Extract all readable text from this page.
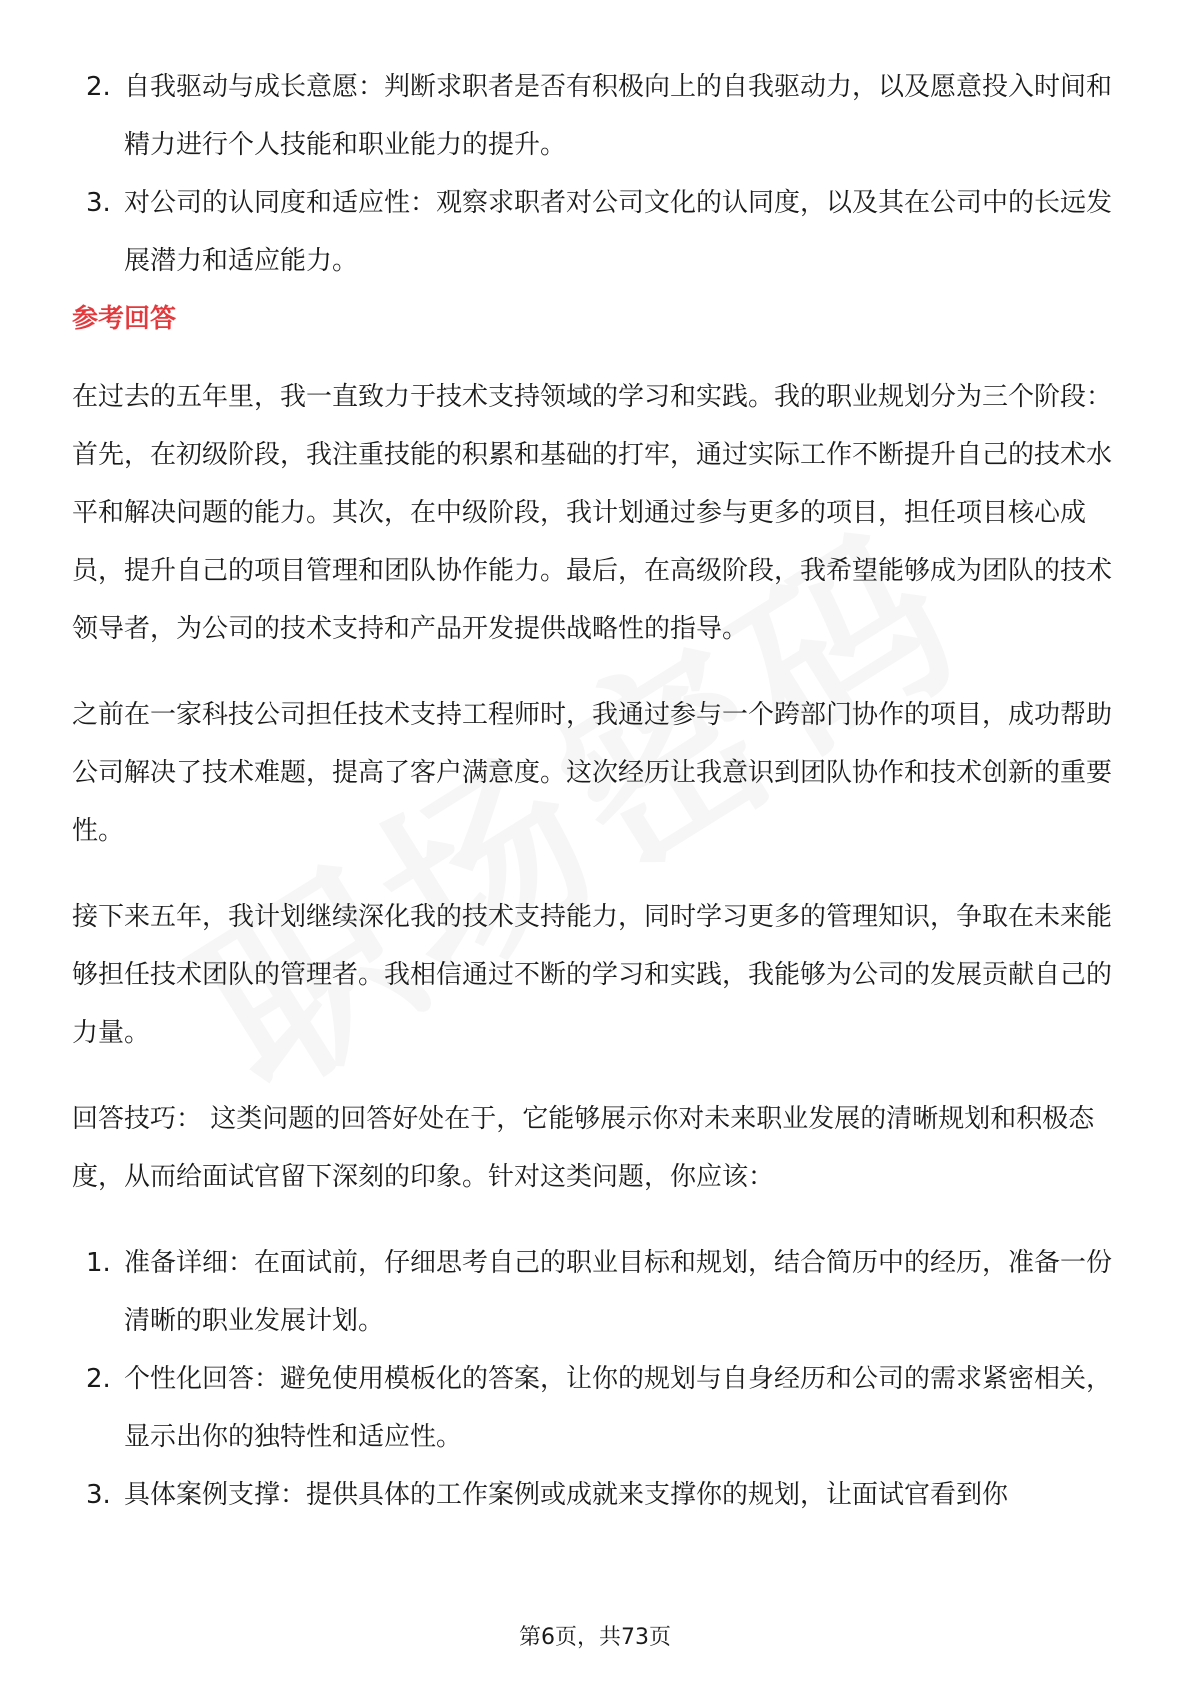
2. 自我驱动与成长意愿：判断求职者是否有积极向上的自我驱动力，以及愿意投入时间和精力进行个人技能和职业能力的提升。
3. 对公司的认同度和适应性：观察求职者对公司文化的认同度，以及其在公司中的长远发展潜力和适应能力。
参考回答

在过去的五年里，我一直致力于技术支持领域的学习和实践。我的职业规划分为三个阶段：首先，在初级阶段，我注重技能的积累和基础的打牢，通过实际工作不断提升自己的技术水平和解决问题的能力。其次，在中级阶段，我计划通过参与更多的项目，担任项目核心成员，提升自己的项目管理和团队协作能力。最后，在高级阶段，我希望能够成为团队的技术领导者，为公司的技术支持和产品开发提供战略性的指导。

之前在一家科技公司担任技术支持工程师时，我通过参与一个跨部门协作的项目，成功帮助公司解决了技术难题，提高了客户满意度。这次经历让我意识到团队协作和技术创新的重要性。

接下来五年，我计划继续深化我的技术支持能力，同时学习更多的管理知识，争取在未来能够担任技术团队的管理者。我相信通过不断的学习和实践，我能够为公司的发展贡献自己的力量。

回答技巧： 这类问题的回答好处在于，它能够展示你对未来职业发展的清晰规划和积极态度，从而给面试官留下深刻的印象。针对这类问题，你应该：

1. 准备详细：在面试前，仔细思考自己的职业目标和规划，结合简历中的经历，准备一份清晰的职业发展计划。
2. 个性化回答：避免使用模板化的答案，让你的规划与自身经历和公司的需求紧密相关，显示出你的独特性和适应性。
3. 具体案例支撑：提供具体的工作案例或成就来支撑你的规划，让面试官看到你
第6页，共73页
